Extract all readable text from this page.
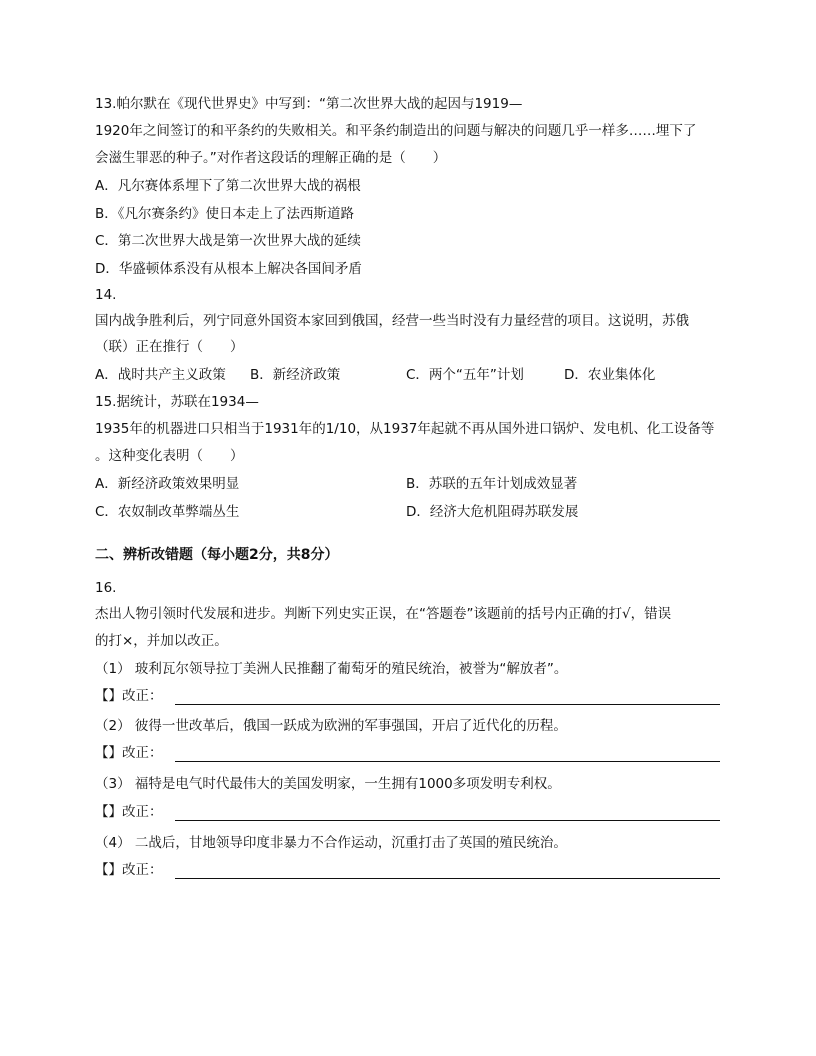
13.帕尔默在《现代世界史》中写到：“第二次世界大战的起因与1919—
1920年之间签订的和平条约的失败相关。和平条约制造出的问题与解决的问题几乎一样多……埋下了
会滋生罪恶的种子。”对作者这段话的理解正确的是（　　）
A．凡尔赛体系埋下了第二次世界大战的祸根
B．《凡尔赛条约》使日本走上了法西斯道路
C．第二次世界大战是第一次世界大战的延续
D．华盛顿体系没有从根本上解决各国间矛盾
14.
国内战争胜利后，列宁同意外国资本家回到俄国，经营一些当时没有力量经营的项目。这说明，苏俄
（联）正在推行（　　）
A．战时共产主义政策 B．新经济政策	C．两个“五年”计划	D．农业集体化
15.据统计，苏联在1934—
1935年的机器进口只相当于1931年的1/10，从1937年起就不再从国外进口锅炉、发电机、化工设备等
。这种变化表明（　　）
A．新经济政策效果明显	B．苏联的五年计划成效显著
C．农奴制改革弊端丛生	D．经济大危机阻碍苏联发展
二、辨析改错题（每小题2分，共8分）
16.
杰出人物引领时代发展和进步。判断下列史实正误，在“答题卷”该题前的括号内正确的打√，错误
的打×，并加以改正。
（1） 玻利瓦尔领导拉丁美洲人民推翻了葡萄牙的殖民统治，被誉为“解放者”。
【】改正：
（2） 彼得一世改革后，俄国一跃成为欧洲的军事强国，开启了近代化的历程。
【】改正：
（3） 福特是电气时代最伟大的美国发明家，一生拥有1000多项发明专利权。
【】改正：
（4） 二战后，甘地领导印度非暴力不合作运动，沉重打击了英国的殖民统治。
【】改正：
